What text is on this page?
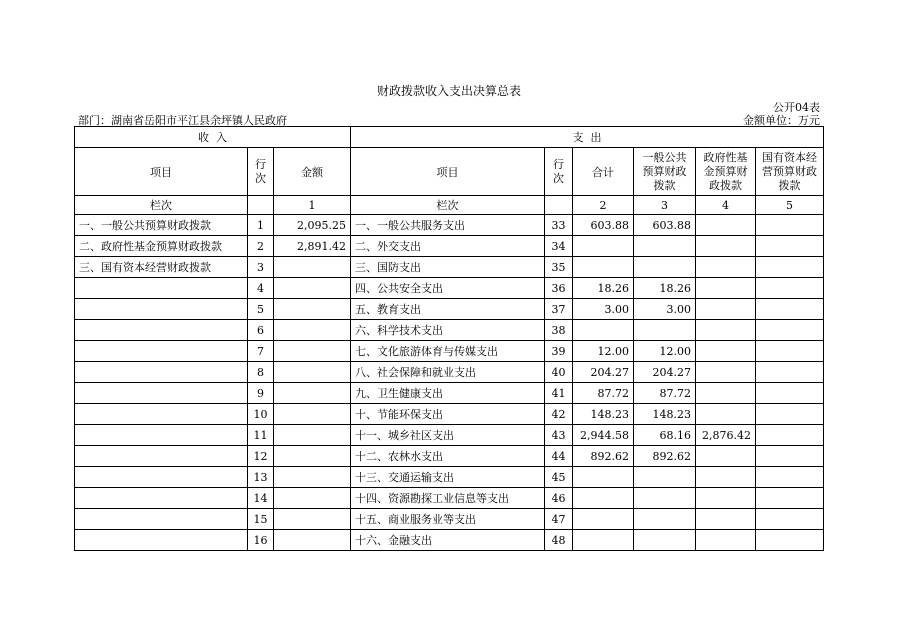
财政拨款收入支出决算总表
公开04表
部门：湖南省岳阳市平江县余坪镇人民政府	金额单位：万元
收  入			支  出					
项目	行次	金额	项目	行次	合计	一般公共预算财政拨款	政府性基金预算财政拨款	国有资本经营预算财政拨款
栏次		1	栏次		2	3	4	5
一、一般公共预算财政拨款	1	2,095.25	一、一般公共服务支出	33	603.88	603.88		
二、政府性基金预算财政拨款	2	2,891.42	二、外交支出	34				
三、国有资本经营财政拨款	3		三、国防支出	35				
	4		四、公共安全支出	36	18.26	18.26		
	5		五、教育支出	37	3.00	3.00		
	6		六、科学技术支出	38				
	7		七、文化旅游体育与传媒支出	39	12.00	12.00		
	8		八、社会保障和就业支出	40	204.27	204.27		
	9		九、卫生健康支出	41	87.72	87.72		
	10		十、节能环保支出	42	148.23	148.23		
	11		十一、城乡社区支出	43	2,944.58	68.16	2,876.42	
	12		十二、农林水支出	44	892.62	892.62		
	13		十三、交通运输支出	45				
	14		十四、资源勘探工业信息等支出	46				
	15		十五、商业服务业等支出	47				
	16		十六、金融支出	48				
